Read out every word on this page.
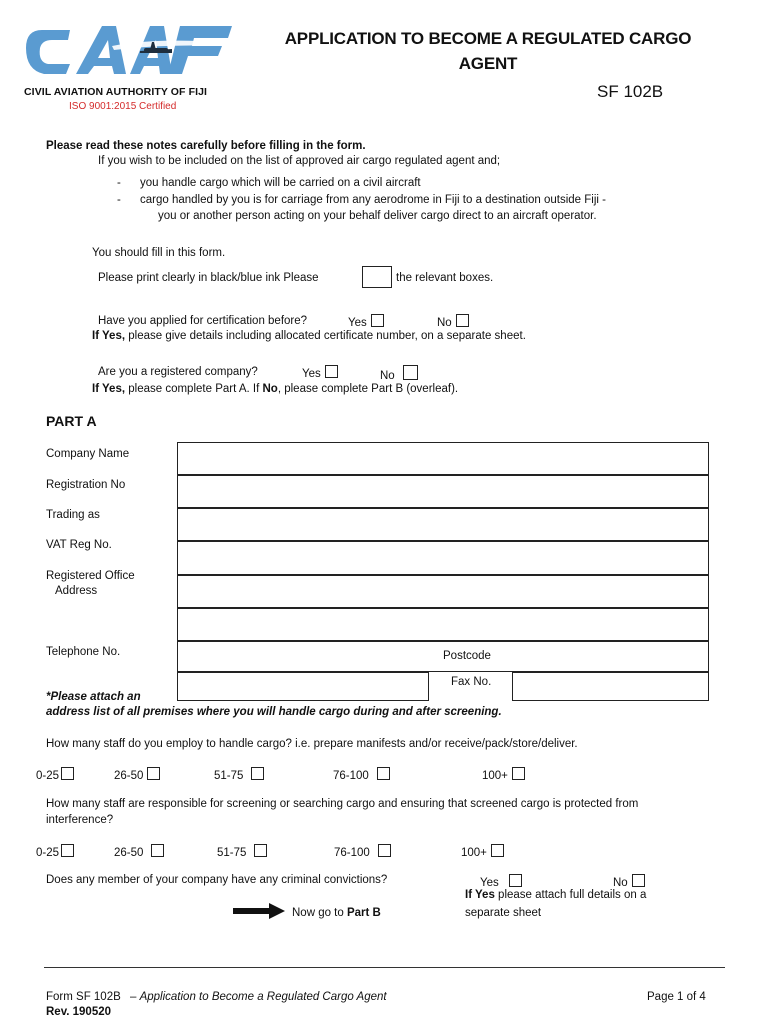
CIVIL AVIATION AUTHORITY OF FIJI
ISO 9001:2015 Certified
APPLICATION TO BECOME A REGULATED CARGO
AGENT
SF 102B
Please read these notes carefully before filling in the form.
If you wish to be included on the list of approved air cargo regulated agent and;
- you handle cargo which will be carried on a civil aircraft
- cargo handled by you is for carriage from any aerodrome in Fiji to a destination outside Fiji -
you or another person acting on your behalf deliver cargo direct to an aircraft operator.
You should fill in this form.
Please print clearly in black/blue ink Please	the relevant boxes.
Have you applied for certification before?	Yes	No
If Yes, please give details including allocated certificate number, on a separate sheet.
Are you a registered company?	Yes	No
If Yes, please complete Part A. If No, please complete Part B (overleaf).
PART A
Company Name
Registration No
Trading as
VAT Reg No.
Registered Office
Address
Telephone No.	Postcode
Fax No.
*Please attach an
address list of all premises where you will handle cargo during and after screening.
How many staff do you employ to handle cargo? i.e. prepare manifests and/or receive/pack/store/deliver.
0-25	26-50	51-75	76-100	100+
How many staff are responsible for screening or searching cargo and ensuring that screened cargo is protected from
interference?
0-25	26-50	51-75	76-100	100+
Does any member of your company have any criminal convictions?	Yes	No
If Yes please attach full details on a
separate sheet
Now go to Part B
Form SF 102B – Application to Become a Regulated Cargo Agent
Rev. 190520
Page 1 of 4
